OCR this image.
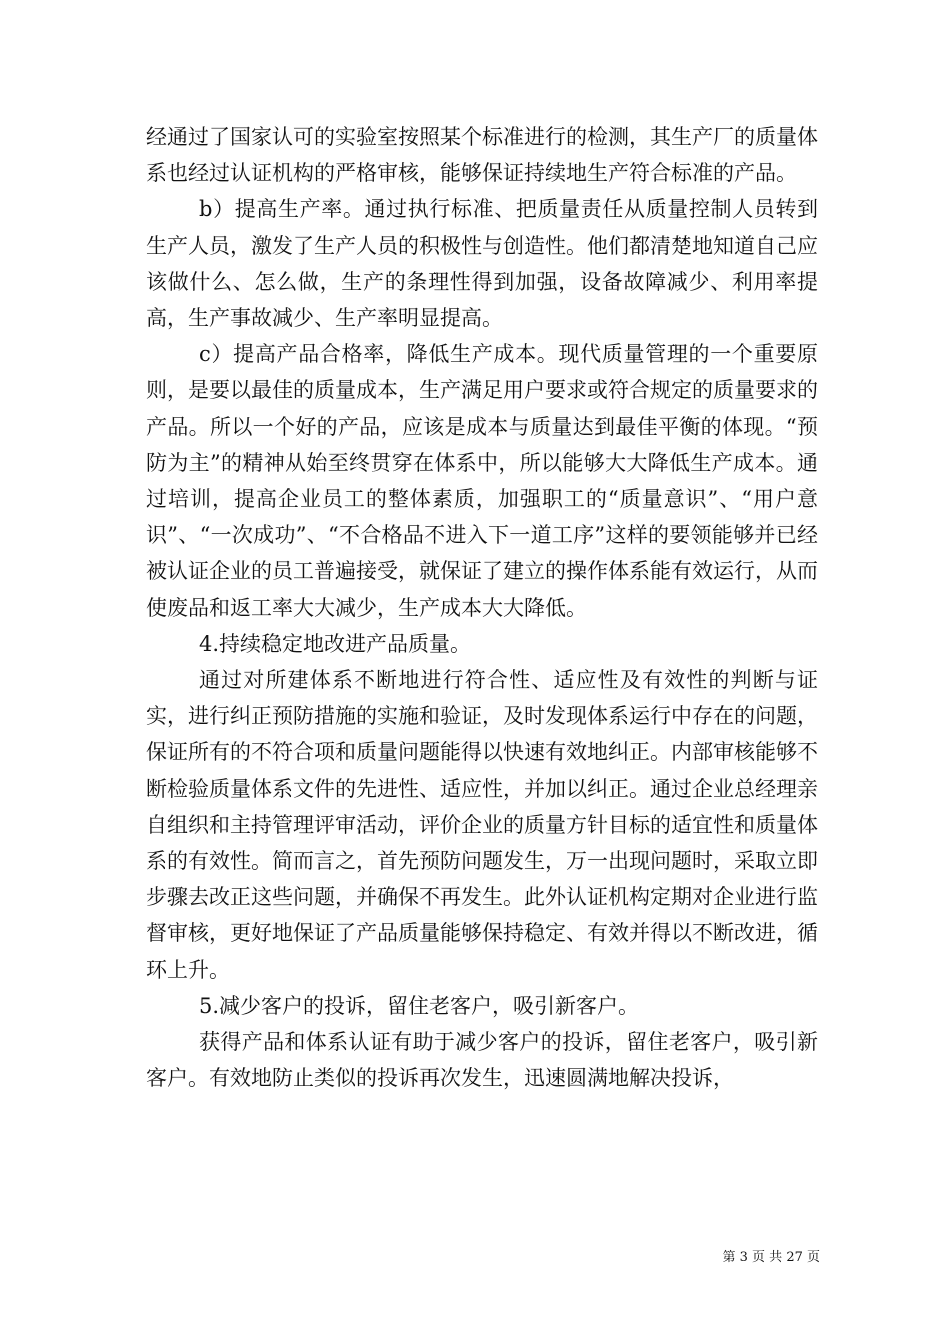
经通过了国家认可的实验室按照某个标准进行的检测，其生产厂的质量体系也经过认证机构的严格审核，能够保证持续地生产符合标准的产品。

b）提高生产率。通过执行标准、把质量责任从质量控制人员转到生产人员，激发了生产人员的积极性与创造性。他们都清楚地知道自己应该做什么、怎么做，生产的条理性得到加强，设备故障减少、利用率提高，生产事故减少、生产率明显提高。

c）提高产品合格率，降低生产成本。现代质量管理的一个重要原则，是要以最佳的质量成本，生产满足用户要求或符合规定的质量要求的产品。所以一个好的产品，应该是成本与质量达到最佳平衡的体现。“预防为主”的精神从始至终贯穿在体系中，所以能够大大降低生产成本。通过培训，提高企业员工的整体素质，加强职工的“质量意识”、“用户意识”、“一次成功”、“不合格品不进入下一道工序”这样的要领能够并已经被认证企业的员工普遍接受，就保证了建立的操作体系能有效运行，从而使废品和返工率大大减少，生产成本大大降低。

4.持续稳定地改进产品质量。

通过对所建体系不断地进行符合性、适应性及有效性的判断与证实，进行纠正预防措施的实施和验证，及时发现体系运行中存在的问题，保证所有的不符合项和质量问题能得以快速有效地纠正。内部审核能够不断检验质量体系文件的先进性、适应性，并加以纠正。通过企业总经理亲自组织和主持管理评审活动，评价企业的质量方针目标的适宜性和质量体系的有效性。简而言之，首先预防问题发生，万一出现问题时，采取立即步骤去改正这些问题，并确保不再发生。此外认证机构定期对企业进行监督审核，更好地保证了产品质量能够保持稳定、有效并得以不断改进，循环上升。

5.减少客户的投诉，留住老客户，吸引新客户。

获得产品和体系认证有助于减少客户的投诉，留住老客户，吸引新客户。有效地防止类似的投诉再次发生，迅速圆满地解决投诉，

第 3 页 共 27 页
